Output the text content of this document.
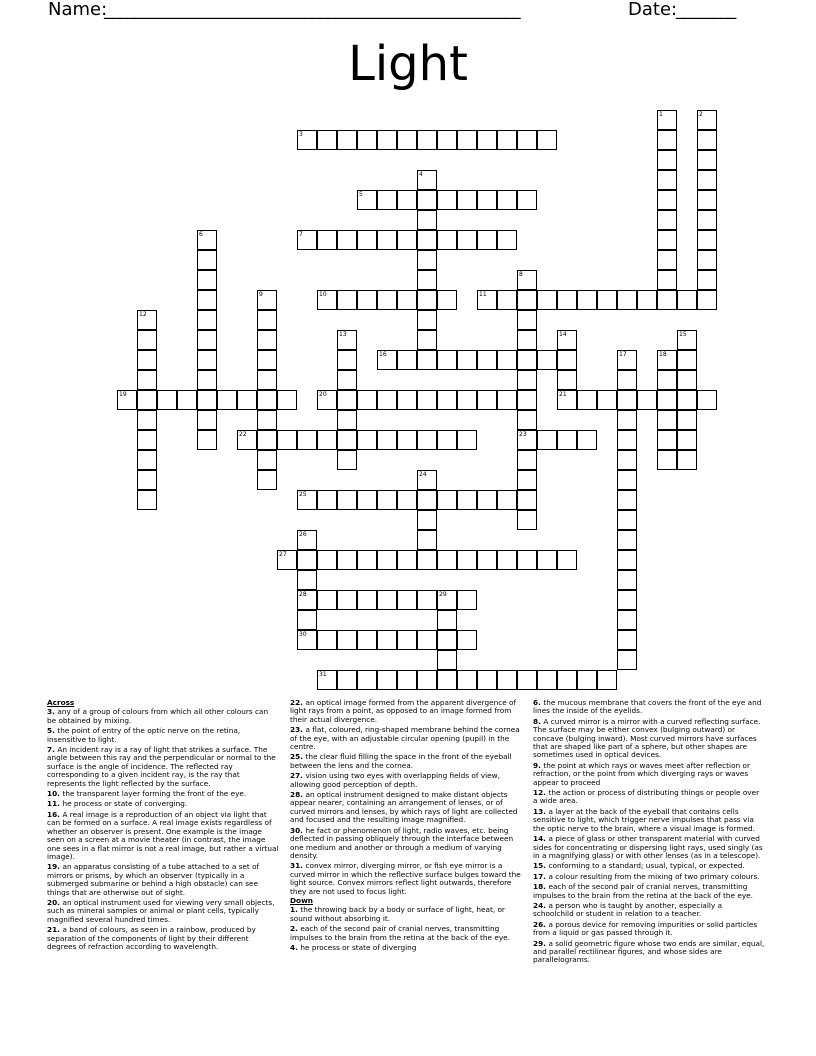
Name:
______________________________________________________	Date:
________
Light
1	2
3
4
5
6	7
8
23
9	10	11
12
13	14	15
16	17	18
19	20	21
22
24
25
26
28
30
27
29
31
Across
3. any of a group of colours from which all other colours can be obtained by mixing.
5. the point of entry of the optic nerve on the retina, insensitive to light.
7. An incident ray is a ray of light that strikes a surface. The angle between this ray and the perpendicular or normal to the surface is the angle of incidence. The reflected ray corresponding to a given incident ray, is the ray that represents the light reflected by the surface.
10. the transparent layer forming the front of the eye.
11. he process or state of converging.
16. A real image is a reproduction of an object via light that can be formed on a surface. A real image exists regardless of whether an observer is present. One example is the image seen on a screen at a movie theater (in contrast, the image one sees in a flat mirror is not a real image, but rather a virtual image).
19. an apparatus consisting of a tube attached to a set of mirrors or prisms, by which an observer (typically in a submerged submarine or behind a high obstacle) can see things that are otherwise out of sight.
20. an optical instrument used for viewing very small objects, such as mineral samples or animal or plant cells, typically magnified several hundred times.
21. a band of colours, as seen in a rainbow, produced by separation of the components of light by their different degrees of refraction according to wavelength.
22. an optical image formed from the apparent divergence of light rays from a point, as opposed to an image formed from their actual divergence.
23. a flat, coloured, ring-shaped membrane behind the cornea of the eye, with an adjustable circular opening (pupil) in the centre.
25. the clear fluid filling the space in the front of the eyeball between the lens and the cornea.
27. vision using two eyes with overlapping fields of view, allowing good perception of depth.
28. an optical instrument designed to make distant objects appear nearer, containing an arrangement of lenses, or of curved mirrors and lenses, by which rays of light are collected and focused and the resulting image magnified.
30. he fact or phenomenon of light, radio waves, etc. being deflected in passing obliquely through the interface between one medium and another or through a medium of varying density.
31. convex mirror, diverging mirror, or fish eye mirror is a curved mirror in which the reflective surface bulges toward the light source. Convex mirrors reflect light outwards, therefore they are not used to focus light.
Down
1. the throwing back by a body or surface of light, heat, or sound without absorbing it.
2. each of the second pair of cranial nerves, transmitting impulses to the brain from the retina at the back of the eye.
4. he process or state of diverging
6. the mucous membrane that covers the front of the eye and lines the inside of the eyelids.
8. A curved mirror is a mirror with a curved reflecting surface. The surface may be either convex (bulging outward) or concave (bulging inward). Most curved mirrors have surfaces that are shaped like part of a sphere, but other shapes are sometimes used in optical devices.
9. the point at which rays or waves meet after reflection or refraction, or the point from which diverging rays or waves appear to proceed
12. the action or process of distributing things or people over a wide area.
13. a layer at the back of the eyeball that contains cells sensitive to light, which trigger nerve impulses that pass via the optic nerve to the brain, where a visual image is formed.
14. a piece of glass or other transparent material with curved sides for concentrating or dispersing light rays, used singly (as in a magnifying glass) or with other lenses (as in a telescope).
15. conforming to a standard; usual, typical, or expected.
17. a colour resulting from the mixing of two primary colours.
18. each of the second pair of cranial nerves, transmitting impulses to the brain from the retina at the back of the eye.
24. a person who is taught by another, especially a schoolchild or student in relation to a teacher.
26. a porous device for removing impurities or solid particles from a liquid or gas passed through it.
29. a solid geometric figure whose two ends are similar, equal, and parallel rectilinear figures, and whose sides are parallelograms.
